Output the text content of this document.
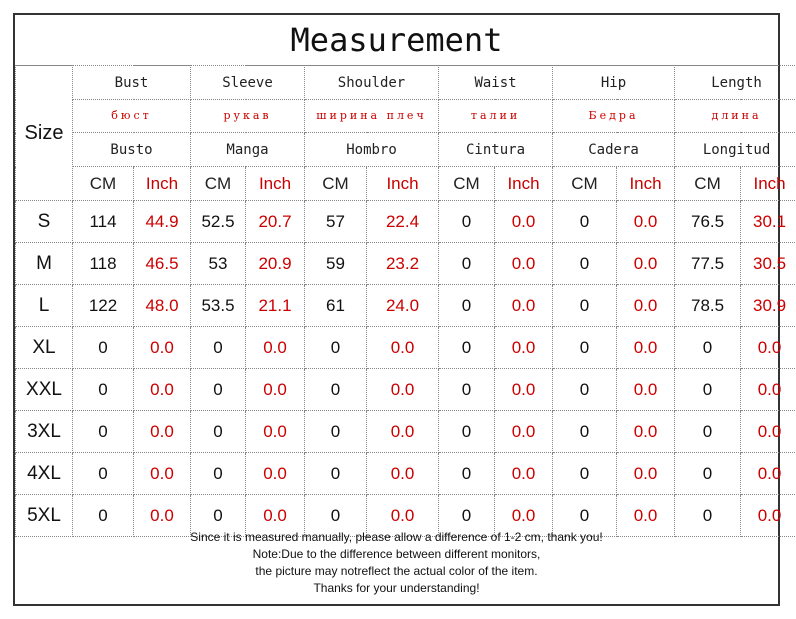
Measurement
Size	Bust		Sleeve		Shoulder		Waist		Hip		Length	
	бюст		рукав		ширина плеч		талии		Бедра		длина	
	Busto		Manga		Hombro		Cintura		Cadera		Longitud	
	CM	Inch	CM	Inch	CM	Inch	CM	Inch	CM	Inch	CM	Inch
S	114	44.9	52.5	20.7	57	22.4	0	0.0	0	0.0	76.5	30.1
M	118	46.5	53	20.9	59	23.2	0	0.0	0	0.0	77.5	30.5
L	122	48.0	53.5	21.1	61	24.0	0	0.0	0	0.0	78.5	30.9
XL	0	0.0	0	0.0	0	0.0	0	0.0	0	0.0	0	0.0
XXL	0	0.0	0	0.0	0	0.0	0	0.0	0	0.0	0	0.0
3XL	0	0.0	0	0.0	0	0.0	0	0.0	0	0.0	0	0.0
4XL	0	0.0	0	0.0	0	0.0	0	0.0	0	0.0	0	0.0
5XL	0	0.0	0	0.0	0	0.0	0	0.0	0	0.0	0	0.0
Since it is measured manually, please allow a difference of 1-2 cm, thank you!
Note:Due to the difference between different monitors,
the picture may notreflect the actual color of the item.
Thanks for your understanding!
